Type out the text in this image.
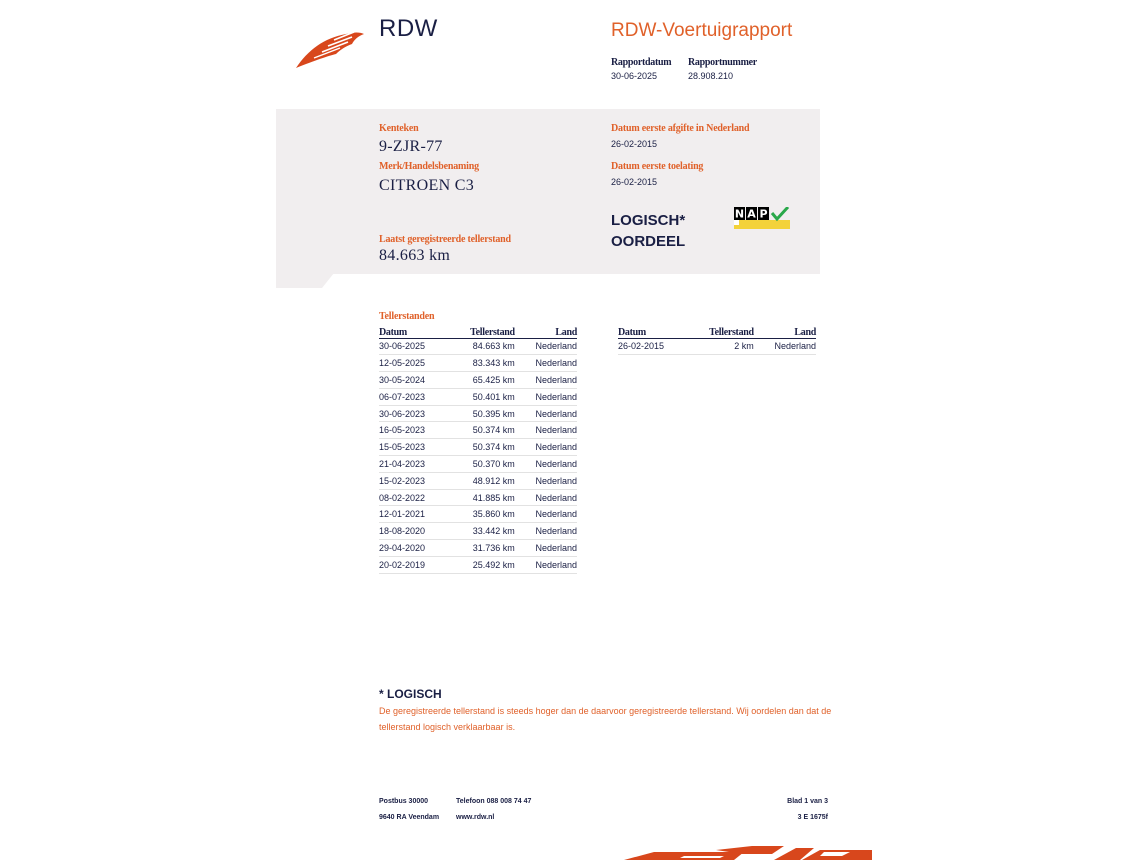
RDW	RDW-Voertuigrapport
Rapportdatum
30-06-2025
Rapportnummer
28.908.210
Kenteken
9-ZJR-77
Merk/Handelsbenaming
CITROEN C3
Laatst geregistreerde tellerstand
84.663 km
Datum eerste afgifte in Nederland
26-02-2015
Datum eerste toelating
26-02-2015
LOGISCH*
OORDEEL
N A P
Tellerstanden
Datum	Tellerstand	Land
30-06-2025	84.663 km	Nederland
12-05-2025	83.343 km	Nederland
30-05-2024	65.425 km	Nederland
06-07-2023	50.401 km	Nederland
30-06-2023	50.395 km	Nederland
16-05-2023	50.374 km	Nederland
15-05-2023	50.374 km	Nederland
21-04-2023	50.370 km	Nederland
15-02-2023	48.912 km	Nederland
08-02-2022	41.885 km	Nederland
12-01-2021	35.860 km	Nederland
18-08-2020	33.442 km	Nederland
29-04-2020	31.736 km	Nederland
20-02-2019	25.492 km	Nederland
Datum	Tellerstand	Land
26-02-2015	2 km	Nederland
* LOGISCH
De geregistreerde tellerstand is steeds hoger dan de daarvoor geregistreerde tellerstand. Wij oordelen dan dat de tellerstand logisch verklaarbaar is.
Postbus 30000
9640 RA Veendam
Telefoon 088 008 74 47
www.rdw.nl
Blad 1 van 3
3 E 1675f
